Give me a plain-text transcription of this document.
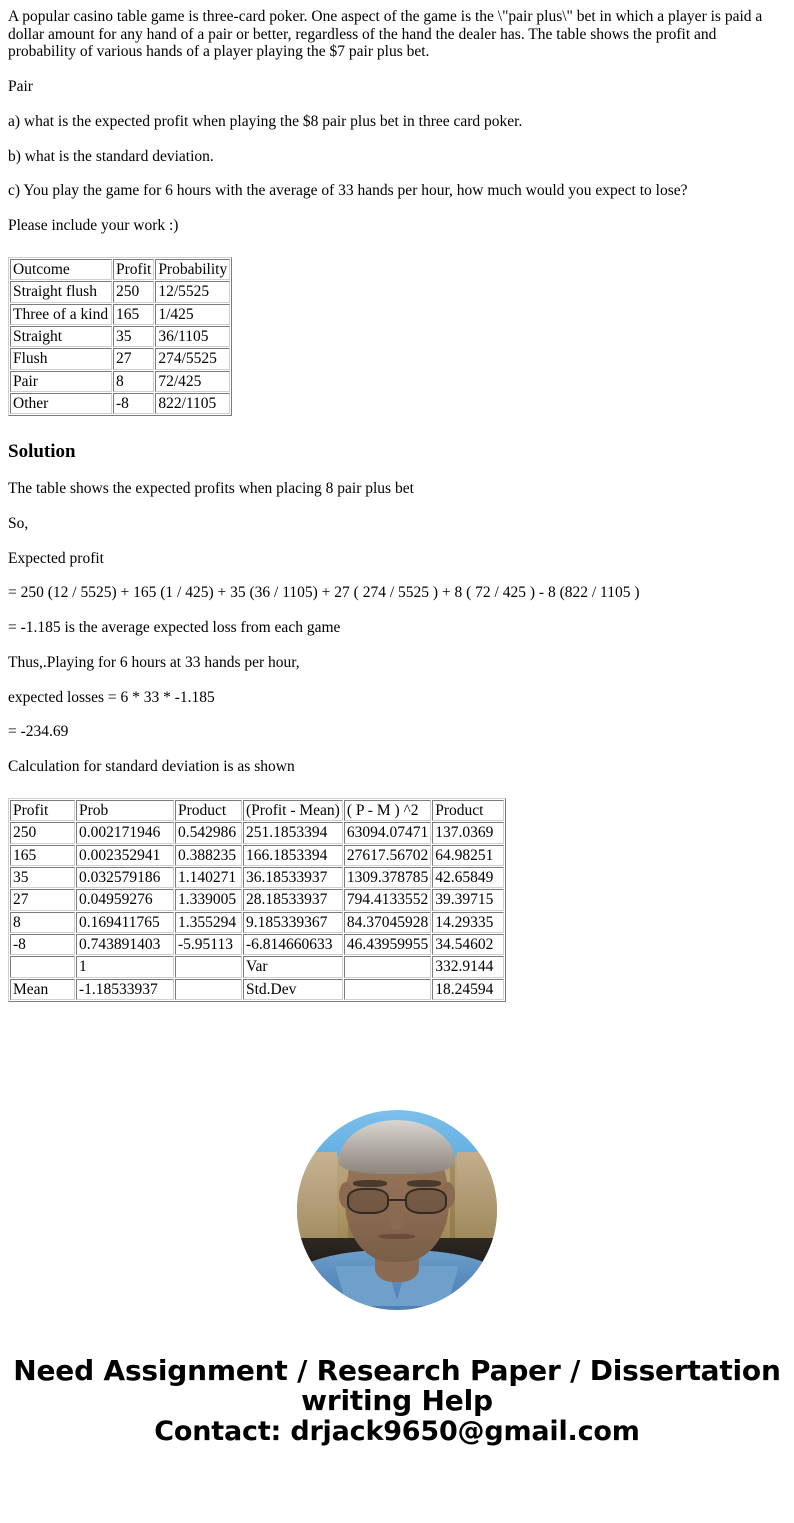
A popular casino table game is three-card poker. One aspect of the game is the \"pair plus\" bet in which a player is paid a dollar amount for any hand of a pair or better, regardless of the hand the dealer has. The table shows the profit and probability of various hands of a player playing the $7 pair plus bet.

Pair

a) what is the expected profit when playing the $8 pair plus bet in three card poker.

b) what is the standard deviation.

c) You play the game for 6 hours with the average of 33 hands per hour, how much would you expect to lose?

Please include your work :)

Outcome	Profit	Probability
Straight flush	250	12/5525
Three of a kind	165	1/425
Straight	35	36/1105
Flush	27	274/5525
Pair	8	72/425
Other	-8	822/1105
Solution

The table shows the expected profits when placing 8 pair plus bet

So,

Expected profit

= 250 (12 / 5525) + 165 (1 / 425) + 35 (36 / 1105) + 27 ( 274 / 5525 ) + 8 ( 72 / 425 ) - 8 (822 / 1105 )

= -1.185 is the average expected loss from each game

Thus,.Playing for 6 hours at 33 hands per hour,

expected losses = 6 * 33 * -1.185

= -234.69

Calculation for standard deviation is as shown

Profit	Prob	Product	(Profit - Mean)	( P - M ) ^2	Product
250	0.002171946	0.542986	251.1853394	63094.07471	137.0369
165	0.002352941	0.388235	166.1853394	27617.56702	64.98251
35	0.032579186	1.140271	36.18533937	1309.378785	42.65849
27	0.04959276	1.339005	28.18533937	794.4133552	39.39715
8	0.169411765	1.355294	9.185339367	84.37045928	14.29335
-8	0.743891403	-5.95113	-6.814660633	46.43959955	34.54602
	1		Var		332.9144
Mean	-1.18533937		Std.Dev		18.24594
Need Assignment / Research Paper / Dissertation
writing Help
Contact: drjack9650@gmail.com
